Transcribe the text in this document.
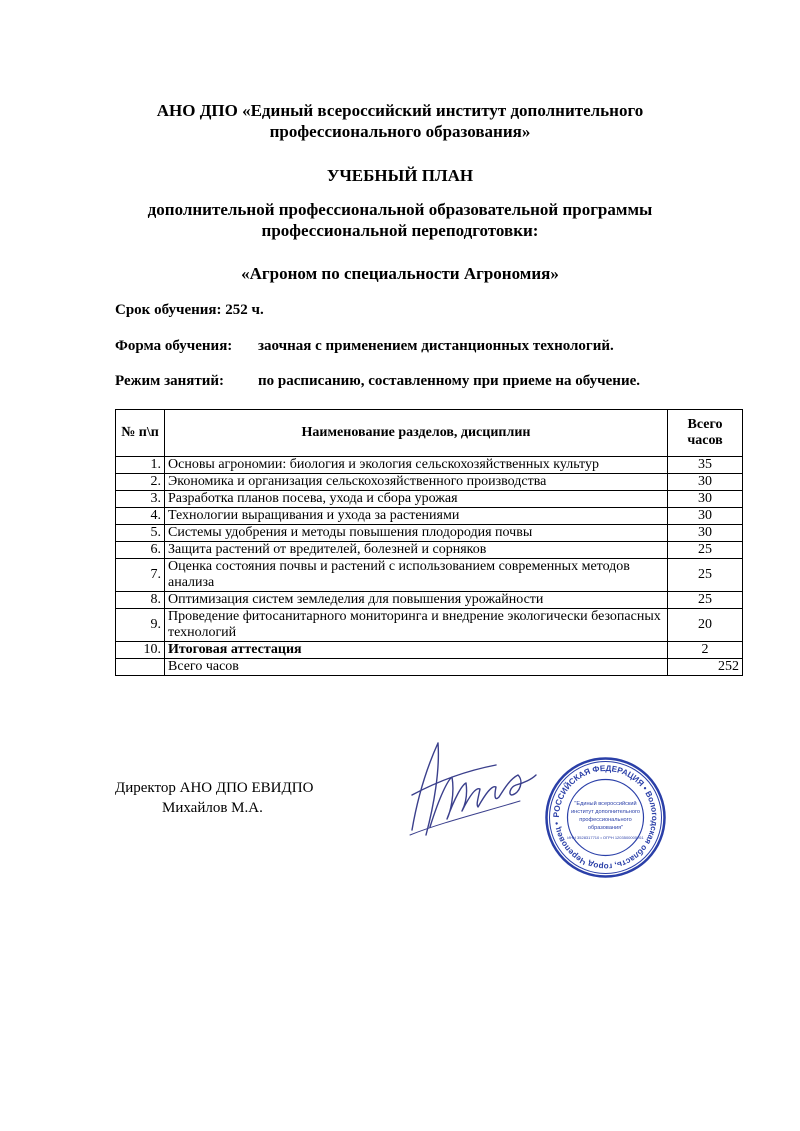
АНО ДПО «Единый всероссийский институт дополнительного
профессионального образования»
УЧЕБНЫЙ ПЛАН
дополнительной профессиональной образовательной программы
профессиональной переподготовки:
«Агроном по специальности Агрономия»
Срок обучения: 252 ч.
Форма обучения: заочная с применением дистанционных технологий.
Режим занятий: по расписанию, составленному при приеме на обучение.
№ п\п	Наименование разделов, дисциплин	Всего
часов

1.	Основы агрономии: биология и экология сельскохозяйственных культур	35
2.	Экономика и организация сельскохозяйственного производства	30
3.	Разработка планов посева, ухода и сбора урожая	30
4.	Технологии выращивания и ухода за растениями	30
5.	Системы удобрения и методы повышения плодородия почвы	30
6.	Защита растений от вредителей, болезней и сорняков	25
7.	Оценка состояния почвы и растений с использованием современных методов анализа	25
8.	Оптимизация систем земледелия для повышения урожайности	25
9.	Проведение фитосанитарного мониторинга и внедрение экологически безопасных технологий	20
10.	Итоговая аттестация	2
	Всего часов	252
Директор АНО ДПО ЕВИДПО
Михайлов М.А.	РОССИЙСКАЯ ФЕДЕРАЦИЯ • Вологодская область, город Череповец •
"Единый всероссийский
институт дополнительного
профессионального
образования"
ИНН 3528317710 • ОГРН 1203500005761
